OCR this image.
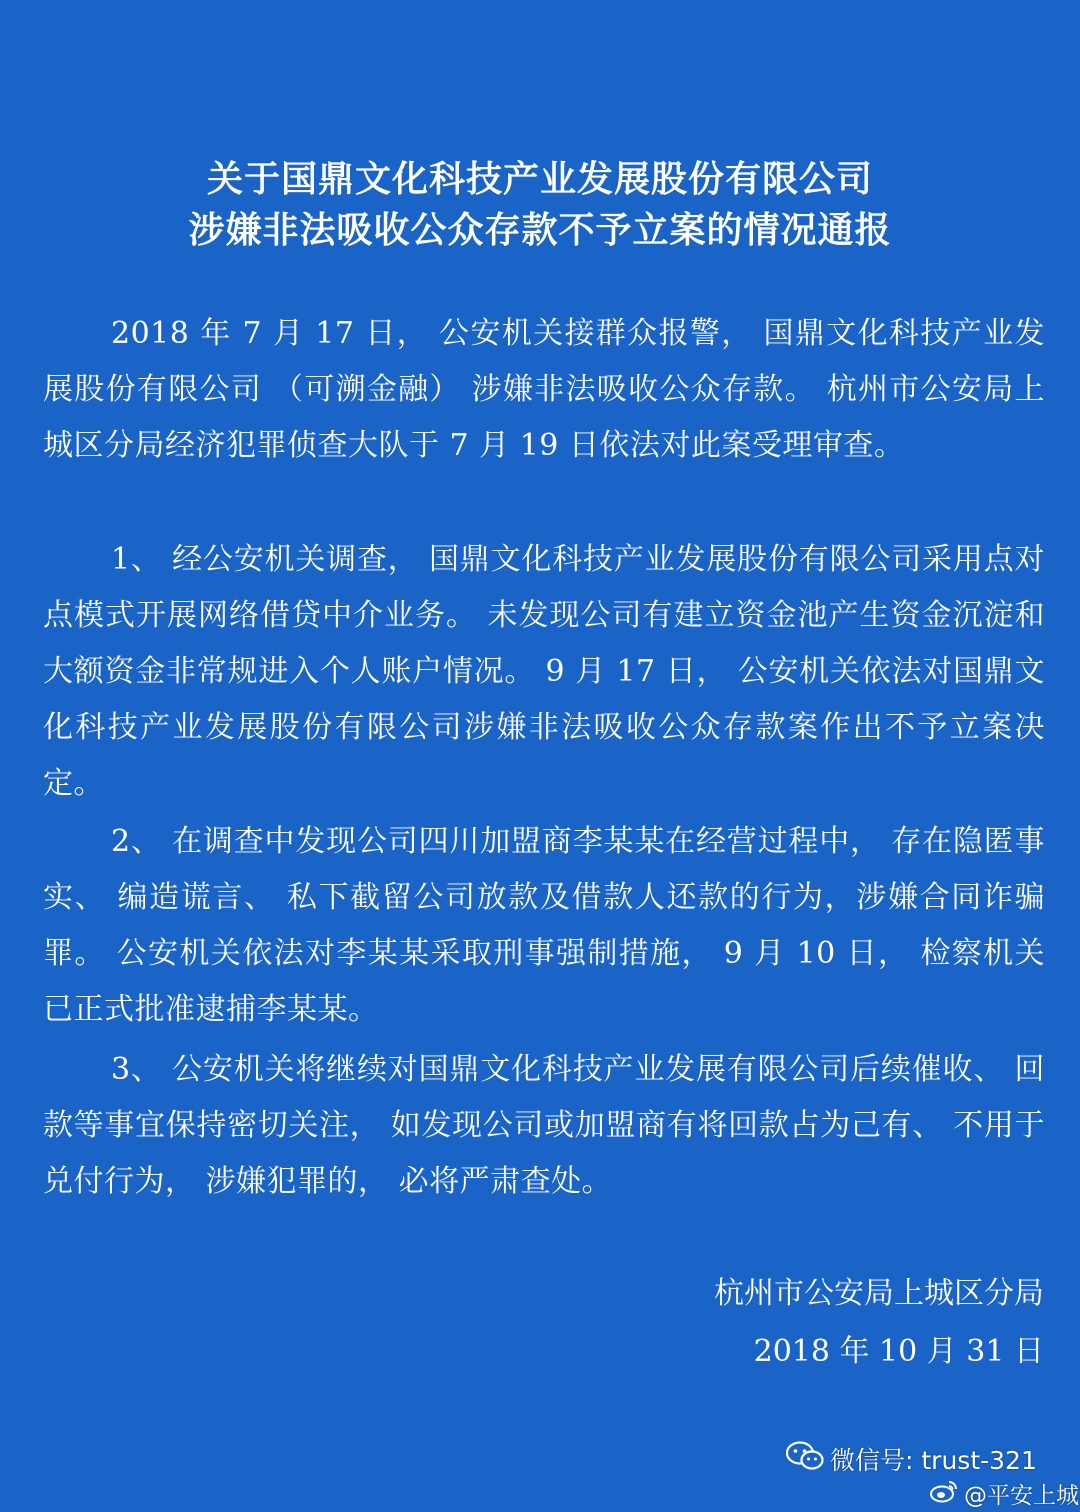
关于国鼎文化科技产业发展股份有限公司
涉嫌非法吸收公众存款不予立案的情况通报
2018 年 7 月 17 日， 公安机关接群众报警， 国鼎文化科技产业发展股份有限公司 （可溯金融） 涉嫌非法吸收公众存款。 杭州市公安局上城区分局经济犯罪侦查大队于 7 月 19 日依法对此案受理审查。
1、 经公安机关调查， 国鼎文化科技产业发展股份有限公司采用点对点模式开展网络借贷中介业务。 未发现公司有建立资金池产生资金沉淀和大额资金非常规进入个人账户情况。 9 月 17 日， 公安机关依法对国鼎文化科技产业发展股份有限公司涉嫌非法吸收公众存款案作出不予立案决定。
2、 在调查中发现公司四川加盟商李某某在经营过程中， 存在隐匿事实、 编造谎言、 私下截留公司放款及借款人还款的行为，涉嫌合同诈骗罪。 公安机关依法对李某某采取刑事强制措施， 9 月 10 日， 检察机关已正式批准逮捕李某某。
3、 公安机关将继续对国鼎文化科技产业发展有限公司后续催收、 回款等事宜保持密切关注， 如发现公司或加盟商有将回款占为己有、 不用于兑付行为， 涉嫌犯罪的， 必将严肃查处。
杭州市公安局上城区分局
2018 年 10 月 31 日
微信号: trust-321
@平安上城
